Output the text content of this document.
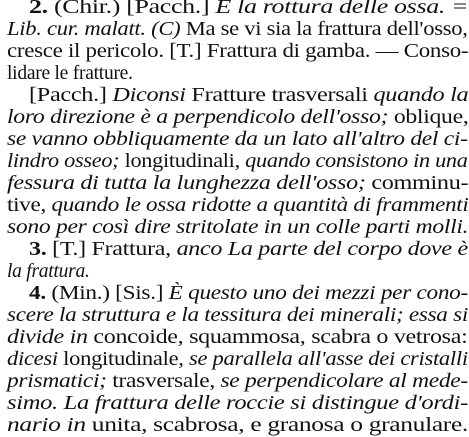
2. (Chir.) [Pacch.] E la rottura delle ossa. =
Lib. cur. malatt. (C) Ma se vi sia la frattura dell'osso,
cresce il pericolo. [T.] Frattura di gamba. — Conso-
lidare le fratture.
[Pacch.] Diconsi Fratture trasversali quando la
loro direzione è a perpendicolo dell'osso; oblique,
se vanno obbliquamente da un lato all'altro del ci-
lindro osseo; longitudinali, quando consistono in una
fessura di tutta la lunghezza dell'osso; comminu-
tive, quando le ossa ridotte a quantità di frammenti
sono per così dire stritolate in un colle parti molli.
3. [T.] Frattura, anco La parte del corpo dove è
la frattura.
4. (Min.) [Sis.] È questo uno dei mezzi per cono-
scere la struttura e la tessitura dei minerali; essa si
divide in concoide, squammosa, scabra o vetrosa:
dicesi longitudinale, se parallela all'asse dei cristalli
prismatici; trasversale, se perpendicolare al mede-
simo. La frattura delle roccie si distingue d'ordi-
nario in unita, scabrosa, e granosa o granulare.
